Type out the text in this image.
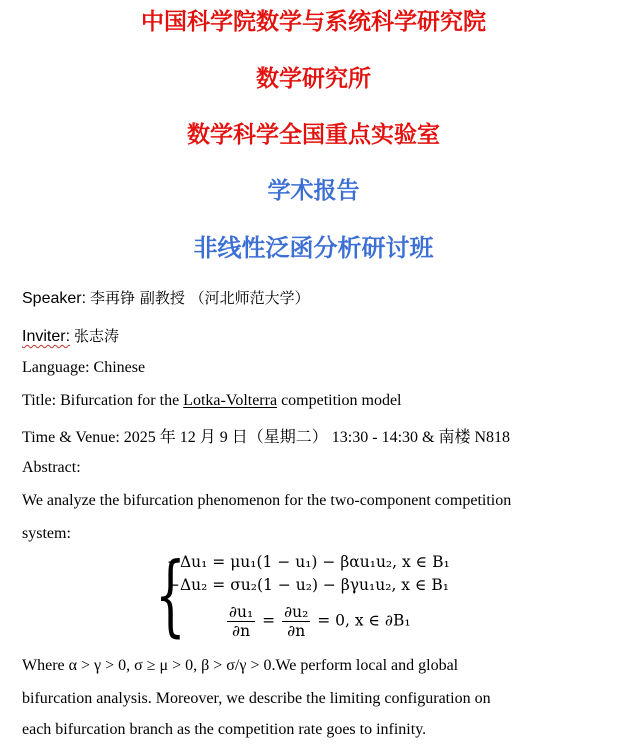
中国科学院数学与系统科学研究院
数学研究所
数学科学全国重点实验室
学术报告
非线性泛函分析研讨班
Speaker: 李再铮 副教授 （河北师范大学）
Inviter: 张志涛
Language: Chinese
Title: Bifurcation for the Lotka-Volterra competition model
Time & Venue: 2025 年 12 月 9 日（星期二） 13:30 - 14:30 & 南楼 N818
Abstract:
We analyze the bifurcation phenomenon for the two-component competition
system:
{
−Δu₁ = μu₁(1 − u₁) − βαu₁u₂, x ∈ B₁
−Δu₂ = σu₂(1 − u₂) − βγu₁u₂, x ∈ B₁
$\frac{\text{∂u₁}}{\partial n} = \frac{\text{∂u₂}}{\partial n} = 0$, x ∈ ∂B₁
Where α > γ > 0, σ ≥ μ > 0, β > σ/γ > 0.We perform local and global
bifurcation analysis. Moreover, we describe the limiting configuration on
each bifurcation branch as the competition rate goes to infinity.
